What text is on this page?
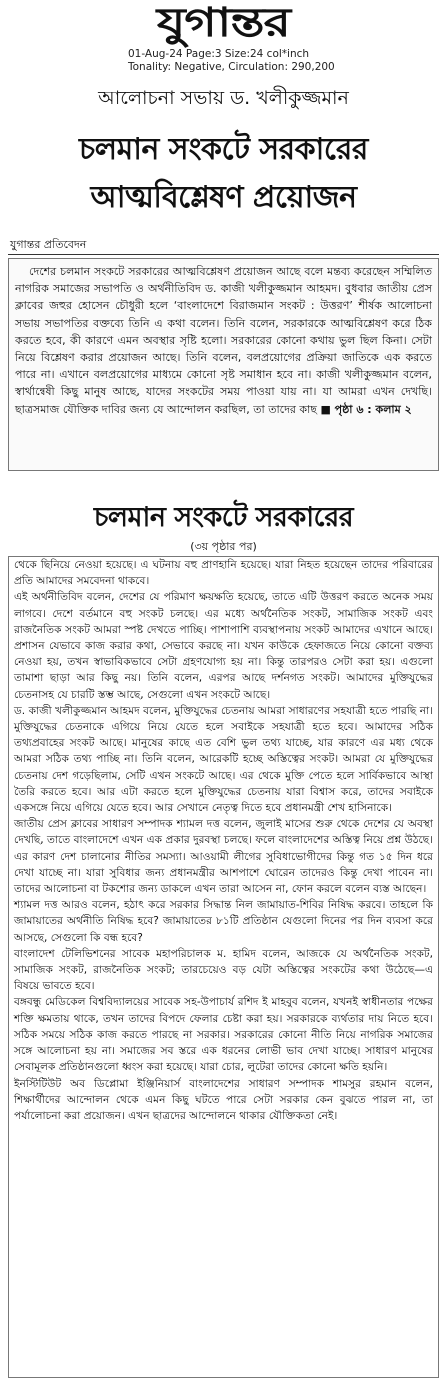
যুগান্তর
01-Aug-24 Page:3 Size:24 col*inch
Tonality: Negative, Circulation: 290,200
আলোচনা সভায় ড. খলীকুজ্জমান
চলমান সংকটে সরকারের
আত্মবিশ্লেষণ প্রয়োজন
যুগান্তর প্রতিবেদন

দেশের চলমান সংকটে সরকারের আত্মবিশ্লেষণ প্রয়োজন আছে বলে মন্তব্য করেছেন সম্মিলিত নাগরিক সমাজের সভাপতি ও অর্থনীতিবিদ ড. কাজী খলীকুজ্জমান আহমদ। বুধবার জাতীয় প্রেস ক্লাবের জহুর হোসেন চৌধুরী হলে ‘বাংলাদেশে বিরাজমান সংকট : উত্তরণ’ শীর্ষক আলোচনা সভায় সভাপতির বক্তব্যে তিনি এ কথা বলেন। তিনি বলেন, সরকারকে আত্মবিশ্লেষণ করে ঠিক করতে হবে, কী কারণে এমন অবস্থার সৃষ্টি হলো। সরকারের কোনো কথায় ভুল ছিল কিনা। সেটা নিয়ে বিশ্লেষণ করার প্রয়োজন আছে। তিনি বলেন, বলপ্রয়োগের প্রক্রিয়া জাতিকে এক করতে পারে না। এখানে বলপ্রয়োগের মাধ্যমে কোনো সৃষ্ট সমাধান হবে না। কাজী খলীকুজ্জমান বলেন, স্বার্থান্বেষী কিছু মানুষ আছে, যাদের সংকটের সময় পাওয়া যায় না। যা আমরা এখন দেখছি। ছাত্রসমাজ যৌক্তিক দাবির জন্য যে আন্দোলন করছিল, তা তাদের কাছ ■ পৃষ্ঠা ৬ : কলাম ২

চলমান সংকটে সরকারের
(৩য় পৃষ্ঠার পর)

থেকে ছিনিয়ে নেওয়া হয়েছে। এ ঘটনায় বহু প্রাণহানি হয়েছে। যারা নিহত হয়েছেন তাদের পরিবারের প্রতি আমাদের সমবেদনা থাকবে।

এই অর্থনীতিবিদ বলেন, দেশের যে পরিমাণ ক্ষয়ক্ষতি হয়েছে, তাতে এটি উত্তরণ করতে অনেক সময় লাগবে। দেশে বর্তমানে বহু সংকট চলছে। এর মধ্যে অর্থনৈতিক সংকট, সামাজিক সংকট এবং রাজনৈতিক সংকট আমরা স্পষ্ট দেখতে পাচ্ছি। পাশাপাশি ব্যবস্থাপনায় সংকট আমাদের এখানে আছে। প্রশাসন যেভাবে কাজ করার কথা, সেভাবে করছে না। যখন কাউকে হেফাজতে নিয়ে কোনো বক্তব্য নেওয়া হয়, তখন স্বাভাবিকভাবে সেটা গ্রহণযোগ্য হয় না। কিন্তু তারপরও সেটা করা হয়। এগুলো তামাশা ছাড়া আর কিছু নয়। তিনি বলেন, এরপর আছে দর্শনগত সংকট। আমাদের মুক্তিযুদ্ধের চেতনাসহ যে চারটি স্তম্ভ আছে, সেগুলো এখন সংকটে আছে।

ড. কাজী খলীকুজ্জমান আহমদ বলেন, মুক্তিযুদ্ধের চেতনায় আমরা সাধারণের সহযাত্রী হতে পারছি না। মুক্তিযুদ্ধের চেতনাকে এগিয়ে নিয়ে যেতে হলে সবাইকে সহযাত্রী হতে হবে। আমাদের সঠিক তথ্যপ্রবাহের সংকট আছে। মানুষের কাছে এত বেশি ভুল তথ্য যাচ্ছে, যার কারণে এর মধ্য থেকে আমরা সঠিক তথ্য পাচ্ছি না। তিনি বলেন, আরেকটি হচ্ছে অস্তিত্বের সংকট। আমরা যে মুক্তিযুদ্ধের চেতনায় দেশ গড়েছিলাম, সেটি এখন সংকটে আছে। এর থেকে মুক্তি পেতে হলে সার্বিকভাবে আস্থা তৈরি করতে হবে। আর এটা করতে হলে মুক্তিযুদ্ধের চেতনায় যারা বিশ্বাস করে, তাদের সবাইকে একসঙ্গে নিয়ে এগিয়ে যেতে হবে। আর সেখানে নেতৃত্ব দিতে হবে প্রধানমন্ত্রী শেখ হাসিনাকে।

জাতীয় প্রেস ক্লাবের সাধারণ সম্পাদক শ্যামল দত্ত বলেন, জুলাই মাসের শুরু থেকে দেশের যে অবস্থা দেখছি, তাতে বাংলাদেশে এখন এক প্রকার দুরবস্থা চলছে। ফলে বাংলাদেশের অস্তিত্ব নিয়ে প্রশ্ন উঠছে। এর কারণ দেশ চালানোর নীতির সমস্যা। আওয়ামী লীগের সুবিধাভোগীদের কিন্তু গত ১৫ দিন ধরে দেখা যাচ্ছে না। যারা সুবিধার জন্য প্রধানমন্ত্রীর আশপাশে ঘোরেন তাদেরও কিন্তু দেখা পাবেন না। তাদের আলোচনা বা টকশোর জন্য ডাকলে এখন তারা আসেন না, ফোন করলে বলেন ব্যস্ত আছেন।

শ্যামল দত্ত আরও বলেন, হঠাৎ করে সরকার সিদ্ধান্ত নিল জামায়াত-শিবির নিষিদ্ধ করবে। তাহলে কি জামায়াতের অর্থনীতি নিষিদ্ধ হবে? জামায়াতের ৮১টি প্রতিষ্ঠান যেগুলো দিনের পর দিন ব্যবসা করে আসছে, সেগুলো কি বন্ধ হবে?

বাংলাদেশ টেলিভিশনের সাবেক মহাপরিচালক ম. হামিদ বলেন, আজকে যে অর্থনৈতিক সংকট, সামাজিক সংকট, রাজনৈতিক সংকট; তারচেয়েও বড় যেটা অস্তিত্বের সংকটের কথা উঠেছে—এ বিষয়ে ভাবতে হবে।

বঙ্গবন্ধু মেডিকেল বিশ্ববিদ্যালয়ের সাবেক সহ-উপাচার্য রশিদ ই মাহবুব বলেন, যখনই স্বাধীনতার পক্ষের শক্তি ক্ষমতায় থাকে, তখন তাদের বিপদে ফেলার চেষ্টা করা হয়। সরকারকে ব্যর্থতার দায় নিতে হবে। সঠিক সময়ে সঠিক কাজ করতে পারছে না সরকার। সরকারের কোনো নীতি নিয়ে নাগরিক সমাজের সঙ্গে আলোচনা হয় না। সমাজের সব স্তরে এক ধরনের লোভী ভাব দেখা যাচ্ছে। সাধারণ মানুষের সেবামূলক প্রতিষ্ঠানগুলো ধ্বংস করা হয়েছে। যারা চোর, লুটেরা তাদের কোনো ক্ষতি হয়নি।

ইনস্টিটিউট অব ডিপ্লোমা ইঞ্জিনিয়ার্স বাংলাদেশের সাধারণ সম্পাদক শামসুর রহমান বলেন, শিক্ষার্থীদের আন্দোলন থেকে এমন কিছু ঘটতে পারে সেটা সরকার কেন বুঝতে পারল না, তা পর্যালোচনা করা প্রয়োজন। এখন ছাত্রদের আন্দোলনে থাকার যৌক্তিকতা নেই।
